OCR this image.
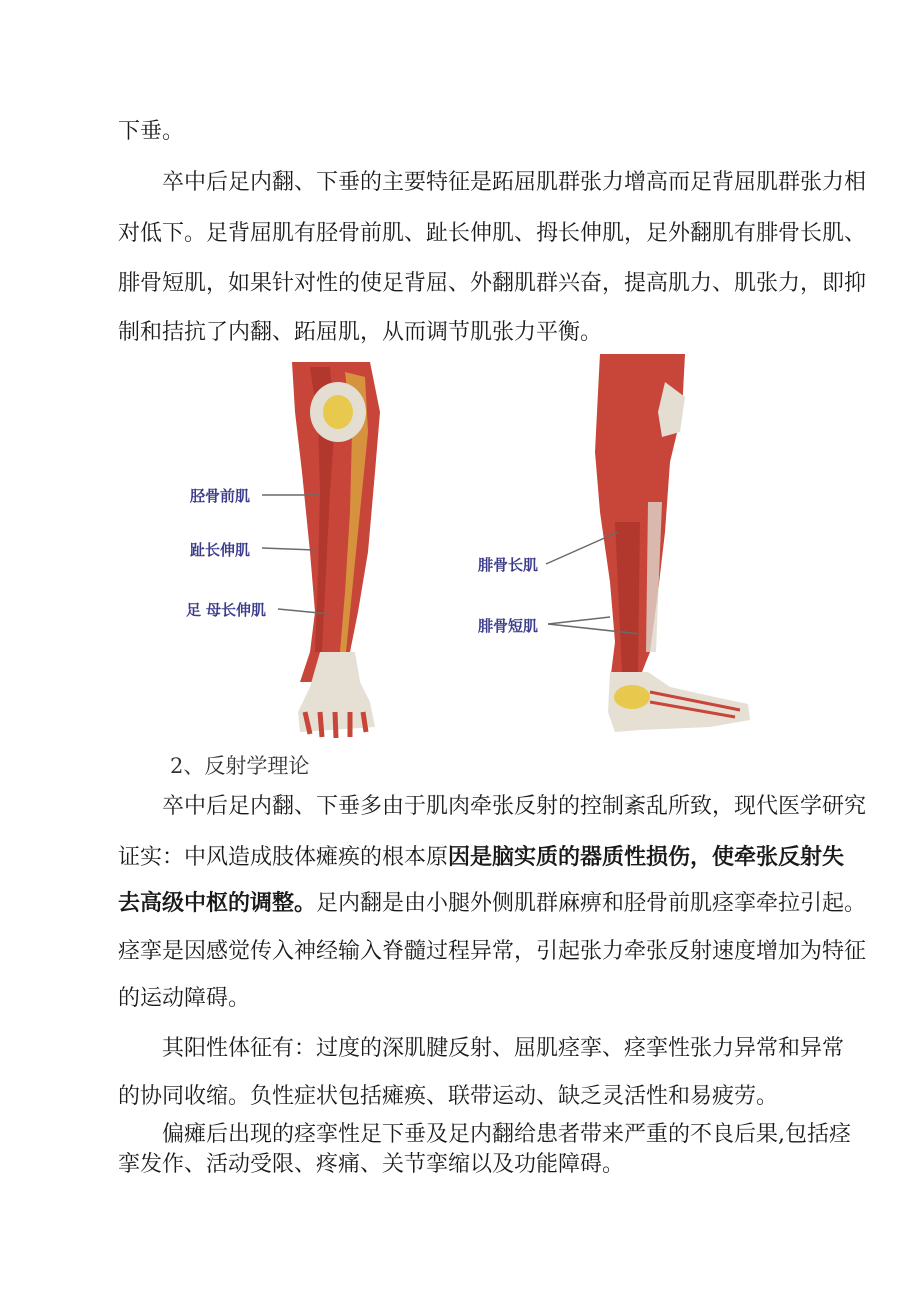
下垂。
卒中后足内翻、下垂的主要特征是跖屈肌群张力增高而足背屈肌群张力相
对低下。足背屈肌有胫骨前肌、趾长伸肌、拇长伸肌，足外翻肌有腓骨长肌、
腓骨短肌，如果针对性的使足背屈、外翻肌群兴奋，提高肌力、肌张力，即抑
制和拮抗了内翻、跖屈肌，从而调节肌张力平衡。
胫骨前肌
趾长伸肌
足 母长伸肌
腓骨长肌
腓骨短肌
2、反射学理论
卒中后足内翻、下垂多由于肌肉牵张反射的控制紊乱所致，现代医学研究
证实：中风造成肢体瘫痪的根本原因是脑实质的器质性损伤，使牵张反射失
去高级中枢的调整。足内翻是由小腿外侧肌群麻痹和胫骨前肌痉挛牵拉引起。
痉挛是因感觉传入神经输入脊髓过程异常，引起张力牵张反射速度增加为特征
的运动障碍。
其阳性体征有：过度的深肌腱反射、屈肌痉挛、痉挛性张力异常和异常
的协同收缩。负性症状包括瘫痪、联带运动、缺乏灵活性和易疲劳。
偏瘫后出现的痉挛性足下垂及足内翻给患者带来严重的不良后果,包括痉
挛发作、活动受限、疼痛、关节挛缩以及功能障碍。
